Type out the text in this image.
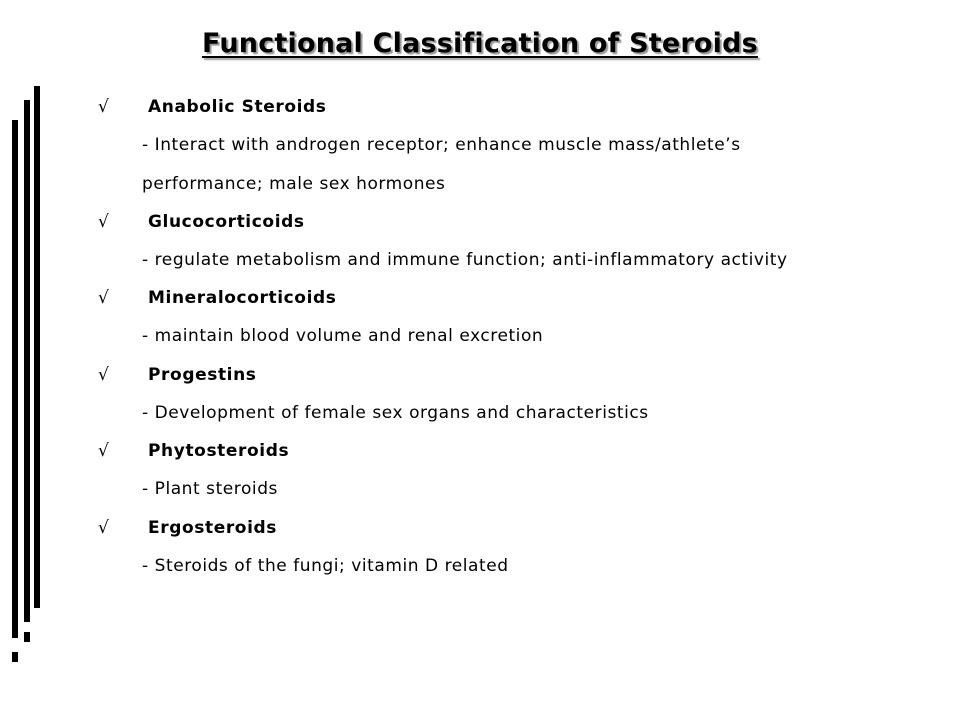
Functional Classification of Steroids
√	Anabolic Steroids
- Interact with androgen receptor; enhance muscle mass/athlete’s
performance; male sex hormones
√	Glucocorticoids
- regulate metabolism and immune function; anti-inflammatory activity
√	Mineralocorticoids
- maintain blood volume and renal excretion
√	Progestins
- Development of female sex organs and characteristics
√	Phytosteroids
- Plant steroids
√	Ergosteroids
- Steroids of the fungi; vitamin D related
